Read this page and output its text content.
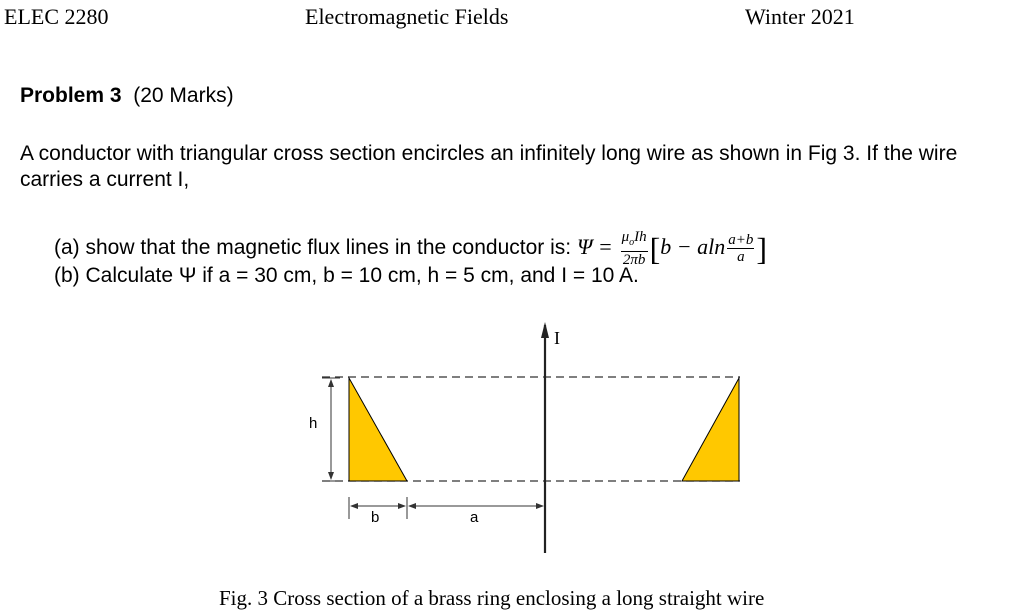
ELEC 2280	Electromagnetic Fields	Winter 2021
Problem 3 (20 Marks)
A conductor with triangular cross section encircles an infinitely long wire as shown in Fig 3. If the wire carries a current I,
(a) show that the magnetic flux lines in the conductor is: $\Psi = \frac{\mu_oIh}{2\pi b} [b - aln \frac{a+b}{a}$ ]
(b) Calculate Ψ if a = 30 cm, b = 10 cm, h = 5 cm, and I = 10 A.
I
h
b	a
Fig. 3 Cross section of a brass ring enclosing a long straight wire
